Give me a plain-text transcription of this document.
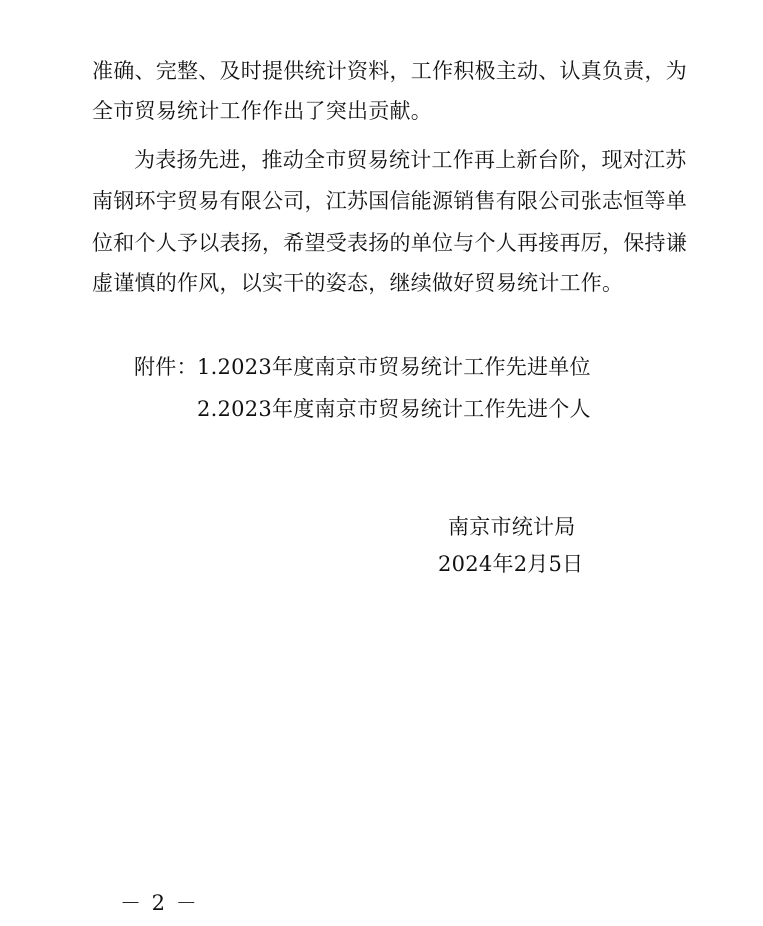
准确、完整、及时提供统计资料，工作积极主动、认真负责，为
全市贸易统计工作作出了突出贡献。
为表扬先进，推动全市贸易统计工作再上新台阶，现对江苏
南钢环宇贸易有限公司，江苏国信能源销售有限公司张志恒等单
位和个人予以表扬，希望受表扬的单位与个人再接再厉，保持谦
虚谨慎的作风，以实干的姿态，继续做好贸易统计工作。
附件： 1.2023年度南京市贸易统计工作先进单位
2.2023年度南京市贸易统计工作先进个人
南京市统计局
2024年2月5日
－ 2 －
